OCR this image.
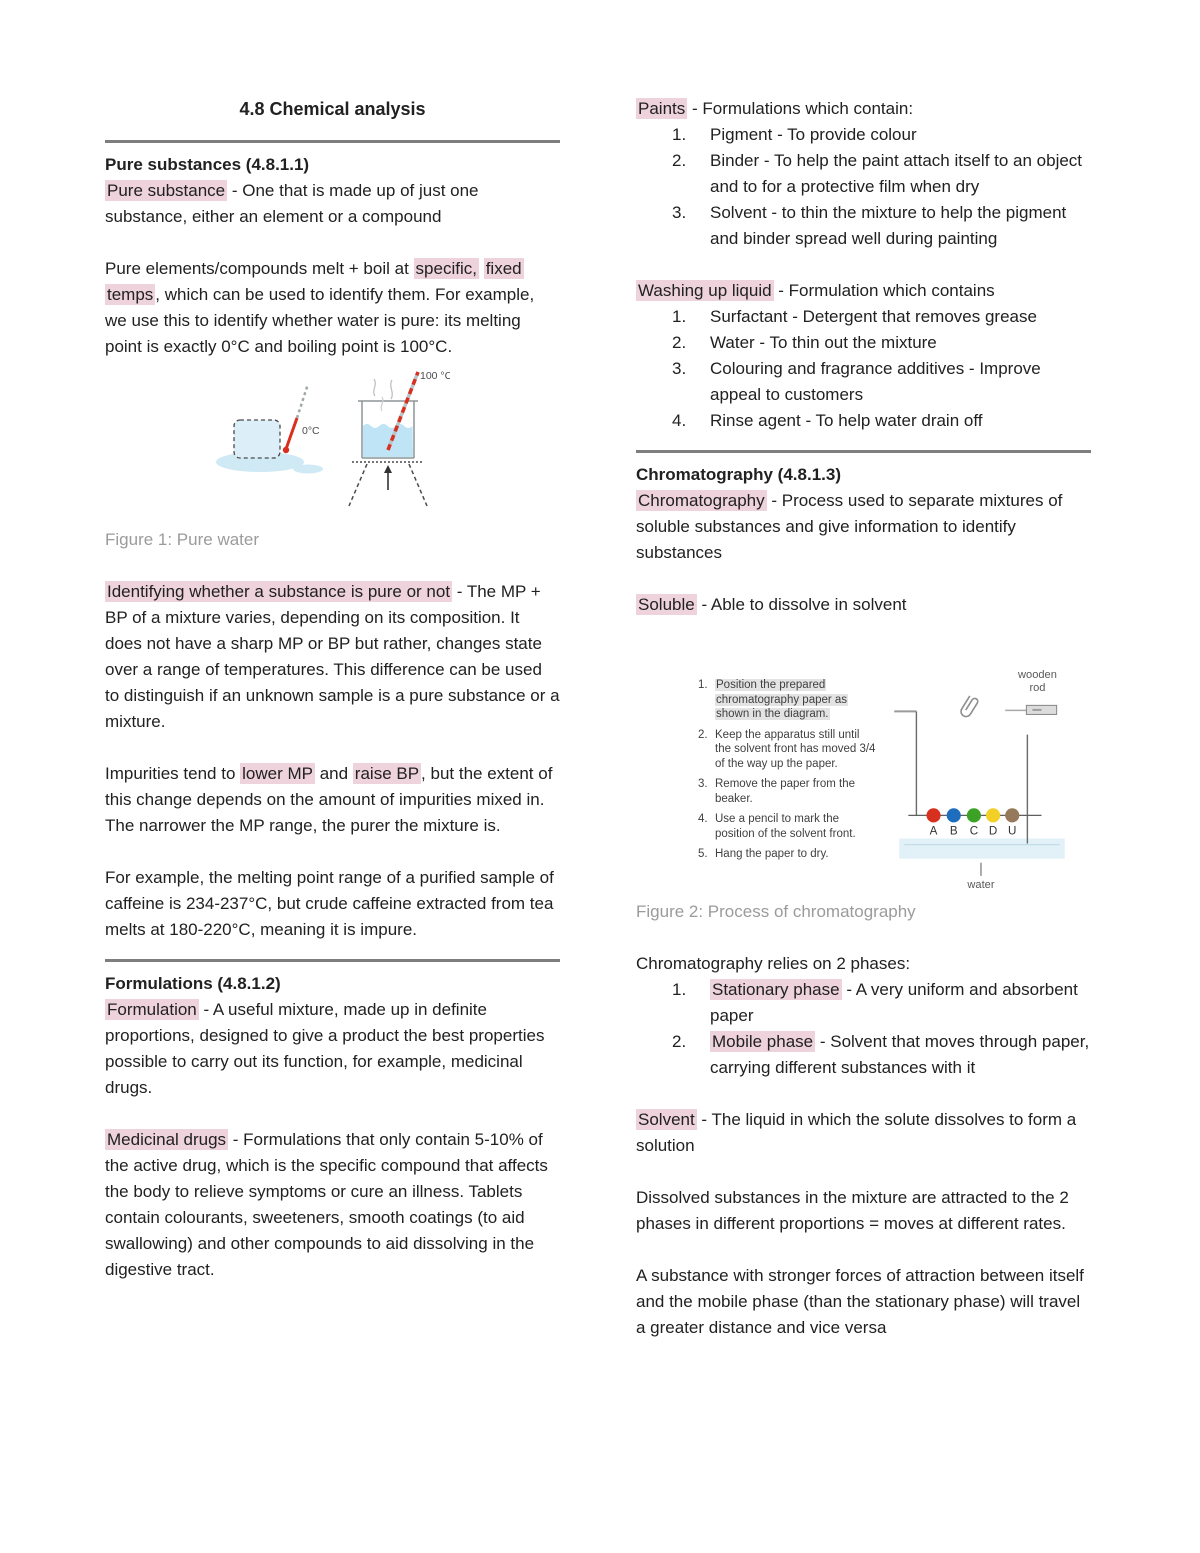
4.8 Chemical analysis
Pure substances (4.8.1.1)

Pure substance - One that is made up of just one substance, either an element or a compound

Pure elements/compounds melt + boil at specific, fixed temps , which can be used to identify them. For example, we use this to identify whether water is pure: its melting point is exactly 0°C and boiling point is 100°C.

0°C
100 °C
Figure 1: Pure water

Identifying whether a substance is pure or not - The MP + BP of a mixture varies, depending on its composition. It does not have a sharp MP or BP but rather, changes state over a range of temperatures. This difference can be used to distinguish if an unknown sample is a pure substance or a mixture.

Impurities tend to lower MP and raise BP , but the extent of this change depends on the amount of impurities mixed in. The narrower the MP range, the purer the mixture is.

For example, the melting point range of a purified sample of caffeine is 234-237°C, but crude caffeine extracted from tea melts at 180-220°C, meaning it is impure.

Formulations (4.8.1.2)

Formulation - A useful mixture, made up in definite proportions, designed to give a product the best properties possible to carry out its function, for example, medicinal drugs.

Medicinal drugs - Formulations that only contain 5-10% of the active drug, which is the specific compound that affects the body to relieve symptoms or cure an illness. Tablets contain colourants, sweeteners, smooth coatings (to aid swallowing) and other compounds to aid dissolving in the digestive tract.

Paints - Formulations which contain:

Pigment - To provide colour
Binder - To help the paint attach itself to an object and to for a protective film when dry
Solvent - to thin the mixture to help the pigment and binder spread well during painting

Washing up liquid - Formulation which contains

Surfactant - Detergent that removes grease
Water - To thin out the mixture
Colouring and fragrance additives - Improve appeal to customers
Rinse agent - To help water drain off
Chromatography (4.8.1.3)

Chromatography - Process used to separate mixtures of soluble substances and give information to identify substances

Soluble - Able to dissolve in solvent

Position the prepared chromatography paper as shown in the diagram.
Keep the apparatus still until the solvent front has moved 3/4 of the way up the paper.
Remove the paper from the beaker.
Use a pencil to mark the position of the solvent front.
Hang the paper to dry.
wooden
rod
A B C D U
water
Figure 2: Process of chromatography

Chromatography relies on 2 phases:

Stationary phase - A very uniform and absorbent paper
Mobile phase - Solvent that moves through paper, carrying different substances with it

Solvent - The liquid in which the solute dissolves to form a solution

Dissolved substances in the mixture are attracted to the 2 phases in different proportions = moves at different rates.

A substance with stronger forces of attraction between itself and the mobile phase (than the stationary phase) will travel a greater distance and vice versa
